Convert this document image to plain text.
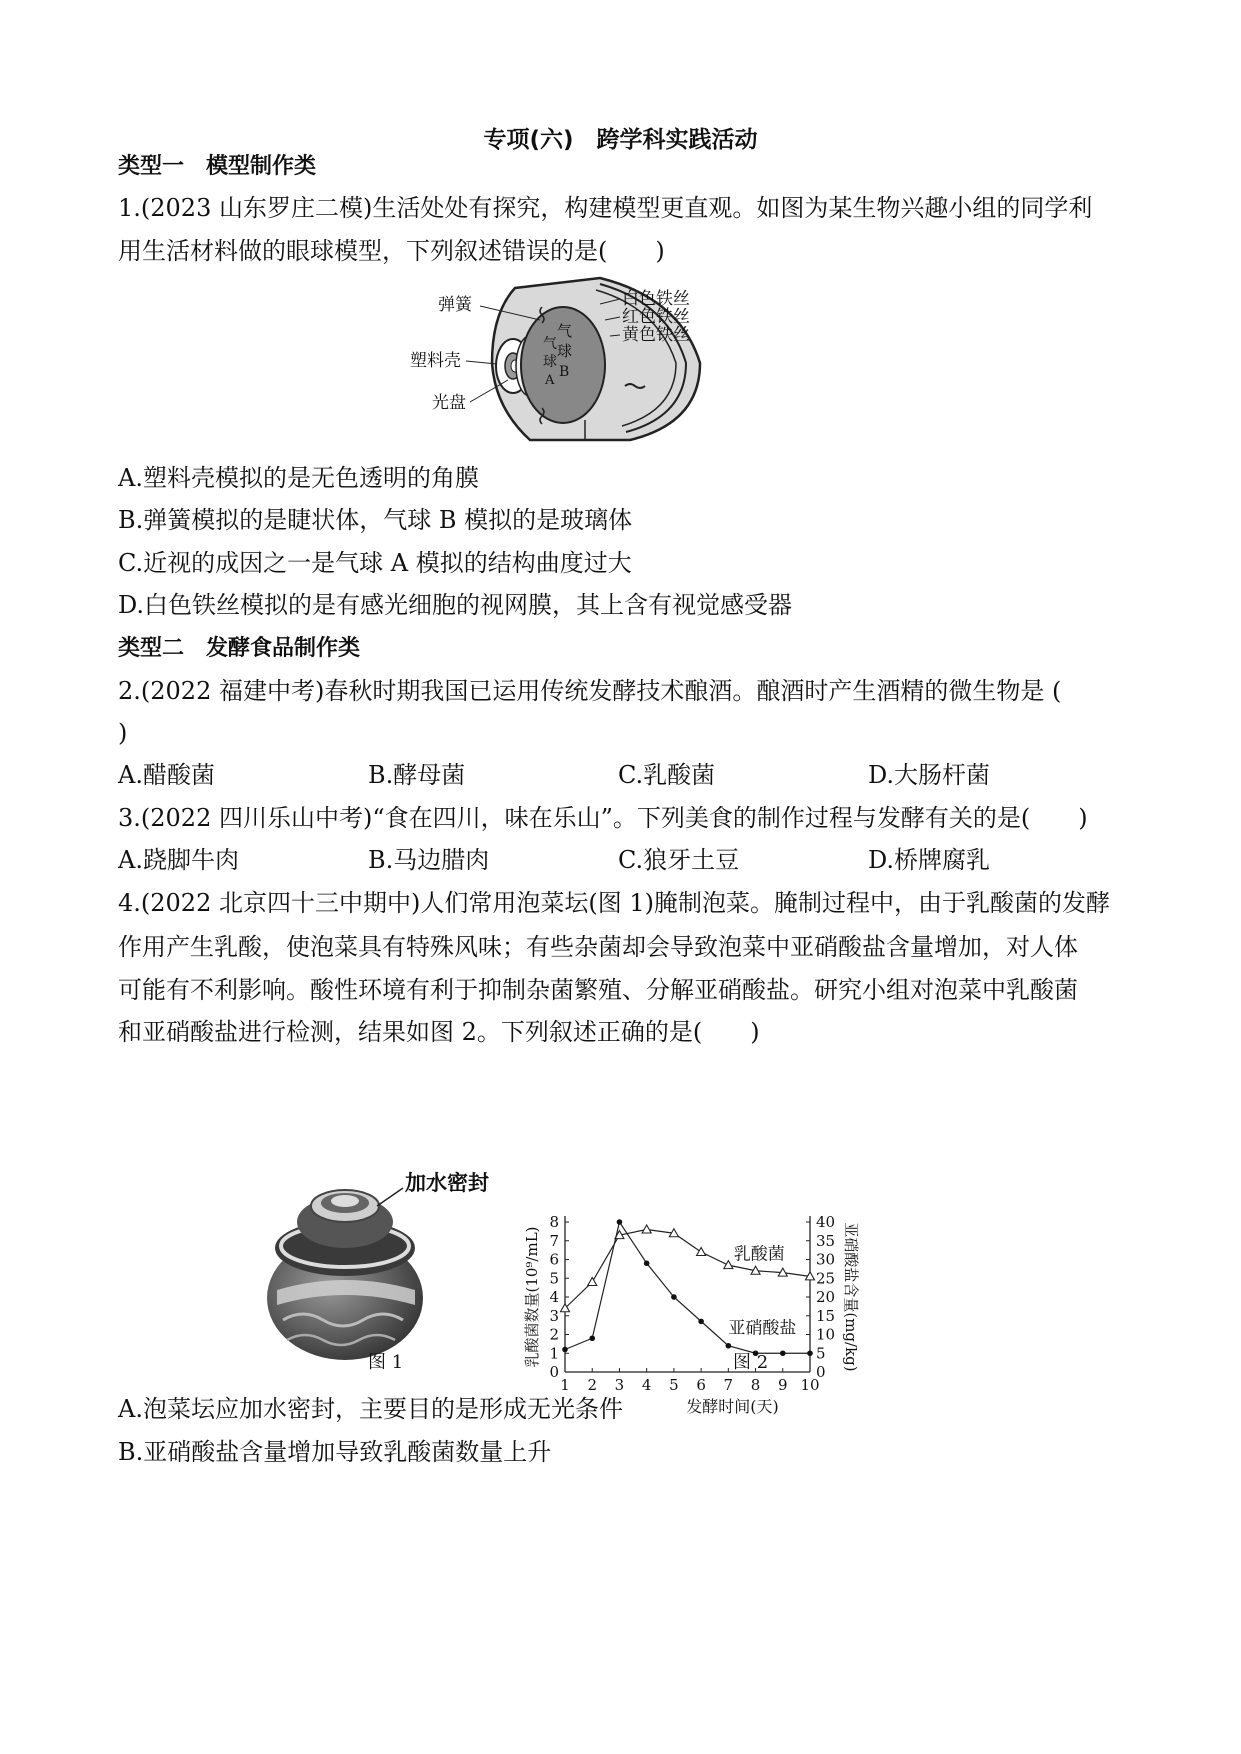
专项(六)　跨学科实践活动
类型一　模型制作类
1.(2023 山东罗庄二模)生活处处有探究，构建模型更直观。如图为某生物兴趣小组的同学利
用生活材料做的眼球模型，下列叙述错误的是(　　)
气
球
A
气
球
B
弹簧
塑料壳
光盘
白色铁丝
红色铁丝
黄色铁丝
A.塑料壳模拟的是无色透明的角膜
B.弹簧模拟的是睫状体，气球 B 模拟的是玻璃体
C.近视的成因之一是气球 A 模拟的结构曲度过大
D.白色铁丝模拟的是有感光细胞的视网膜，其上含有视觉感受器
类型二　发酵食品制作类
2.(2022 福建中考)春秋时期我国已运用传统发酵技术酿酒。酿酒时产生酒精的微生物是 (
)
A.醋酸菌	B.酵母菌	C.乳酸菌	D.大肠杆菌
3.(2022 四川乐山中考)“食在四川，味在乐山”。下列美食的制作过程与发酵有关的是(　　)
A.跷脚牛肉	B.马边腊肉	C.狼牙土豆	D.桥牌腐乳
4.(2022 北京四十三中期中)人们常用泡菜坛(图 1)腌制泡菜。腌制过程中，由于乳酸菌的发酵
作用产生乳酸，使泡菜具有特殊风味；有些杂菌却会导致泡菜中亚硝酸盐含量增加，对人体
可能有不利影响。酸性环境有利于抑制杂菌繁殖、分解亚硝酸盐。研究小组对泡菜中乳酸菌
和亚硝酸盐进行检测，结果如图 2。下列叙述正确的是(　　)
加水密封
图 1	0
1
2
3
4
5
6
7
8
0
5
10
15
20
25
30
35
40
1 2 3 4 5 6 7 8 9 10
发酵时间(天)
乳酸菌数量(10⁹/mL)	亚硝酸盐含量(mg/kg)
乳酸菌
亚硝酸盐
图 2
A.泡菜坛应加水密封，主要目的是形成无光条件
B.亚硝酸盐含量增加导致乳酸菌数量上升
